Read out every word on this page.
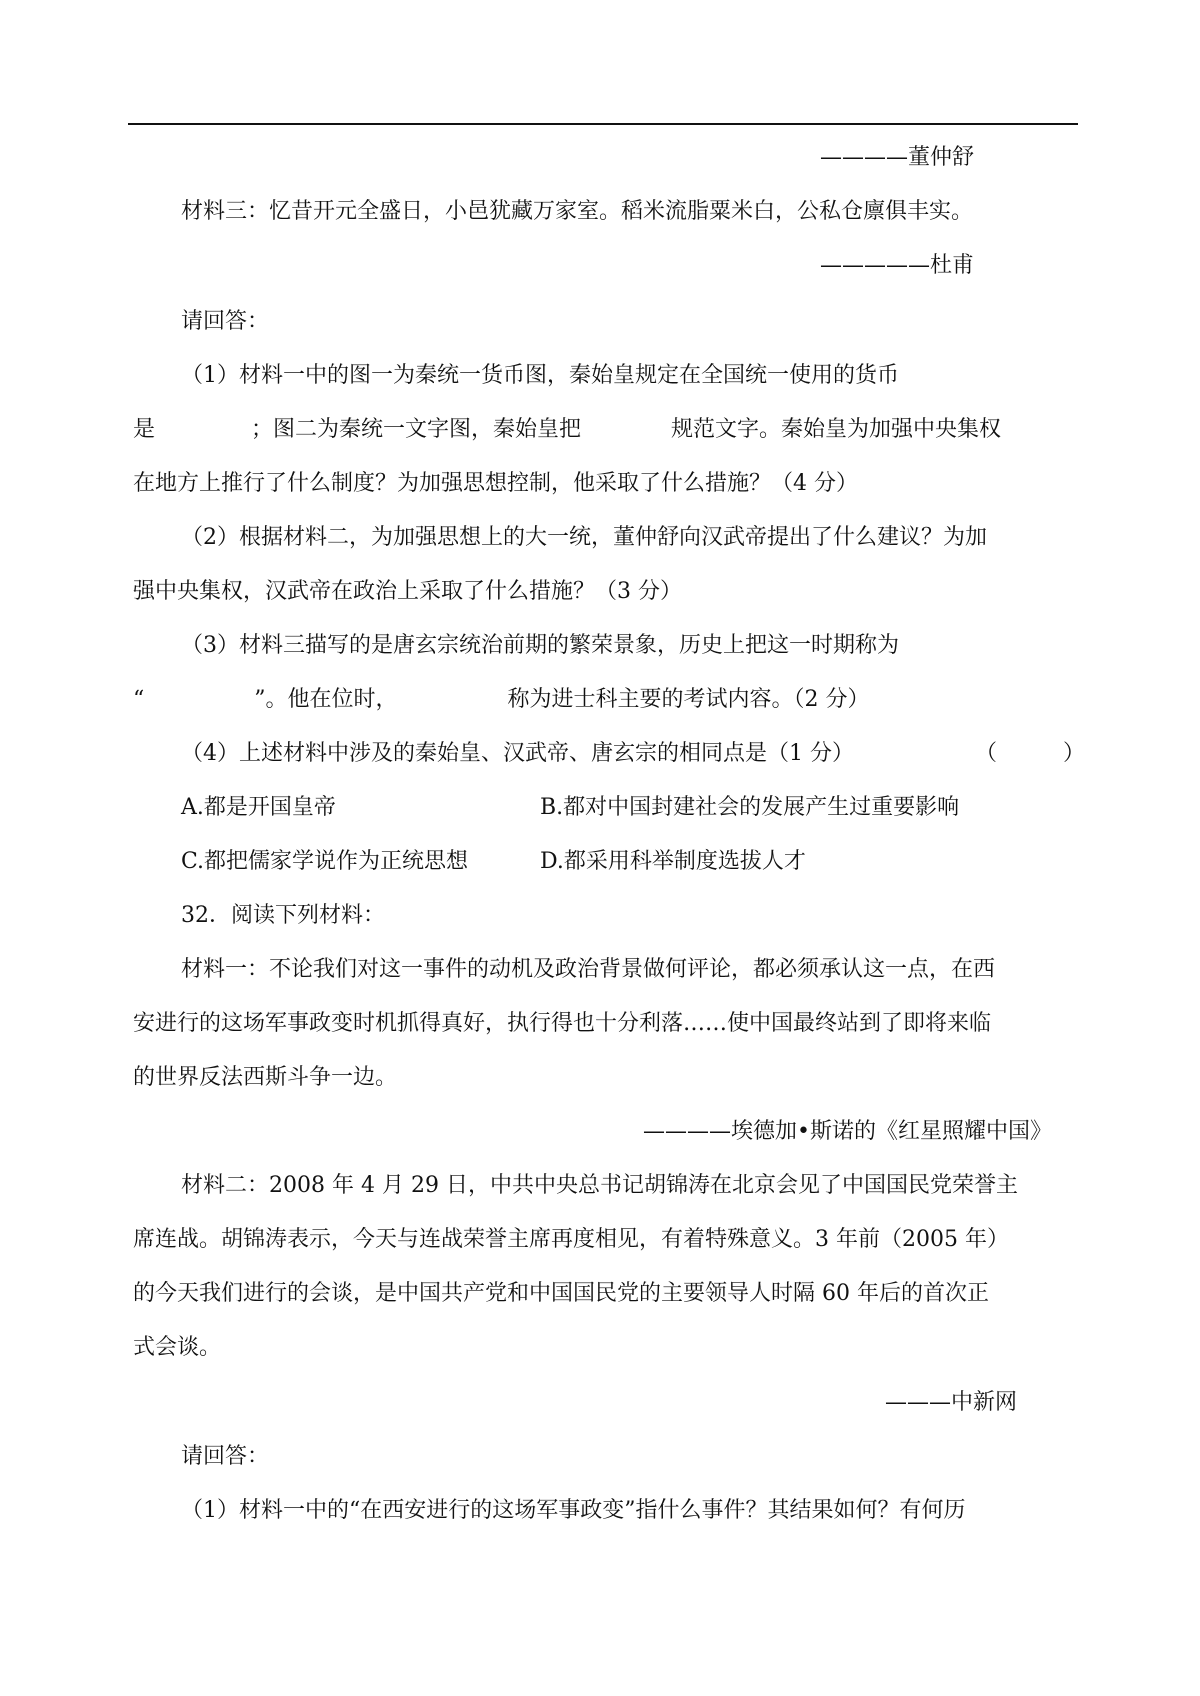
————董仲舒
材料三：忆昔开元全盛日，小邑犹藏万家室。稻米流脂粟米白，公私仓廪俱丰实。
—————杜甫
请回答：
（1）材料一中的图一为秦统一货币图，秦始皇规定在全国统一使用的货币
是	；图二为秦统一文字图，秦始皇把	规范文字。秦始皇为加强中央集权
在地方上推行了什么制度？为加强思想控制，他采取了什么措施？（4 分）
（2）根据材料二，为加强思想上的大一统，董仲舒向汉武帝提出了什么建议？为加
强中央集权，汉武帝在政治上采取了什么措施？（3 分）
（3）材料三描写的是唐玄宗统治前期的繁荣景象，历史上把这一时期称为
“	”。他在位时，	称为进士科主要的考试内容。（2 分）
（4）上述材料中涉及的秦始皇、汉武帝、唐玄宗的相同点是（1 分）	（　　　）
A.都是开国皇帝	B.都对中国封建社会的发展产生过重要影响
C.都把儒家学说作为正统思想	D.都采用科举制度选拔人才
32．阅读下列材料：
材料一：不论我们对这一事件的动机及政治背景做何评论，都必须承认这一点，在西
安进行的这场军事政变时机抓得真好，执行得也十分利落……使中国最终站到了即将来临
的世界反法西斯斗争一边。
————埃德加•斯诺的《红星照耀中国》
材料二：2008 年 4 月 29 日，中共中央总书记胡锦涛在北京会见了中国国民党荣誉主
席连战。胡锦涛表示，今天与连战荣誉主席再度相见，有着特殊意义。3 年前（2005 年）
的今天我们进行的会谈，是中国共产党和中国国民党的主要领导人时隔 60 年后的首次正
式会谈。
———中新网
请回答：
（1）材料一中的“在西安进行的这场军事政变”指什么事件？其结果如何？有何历
